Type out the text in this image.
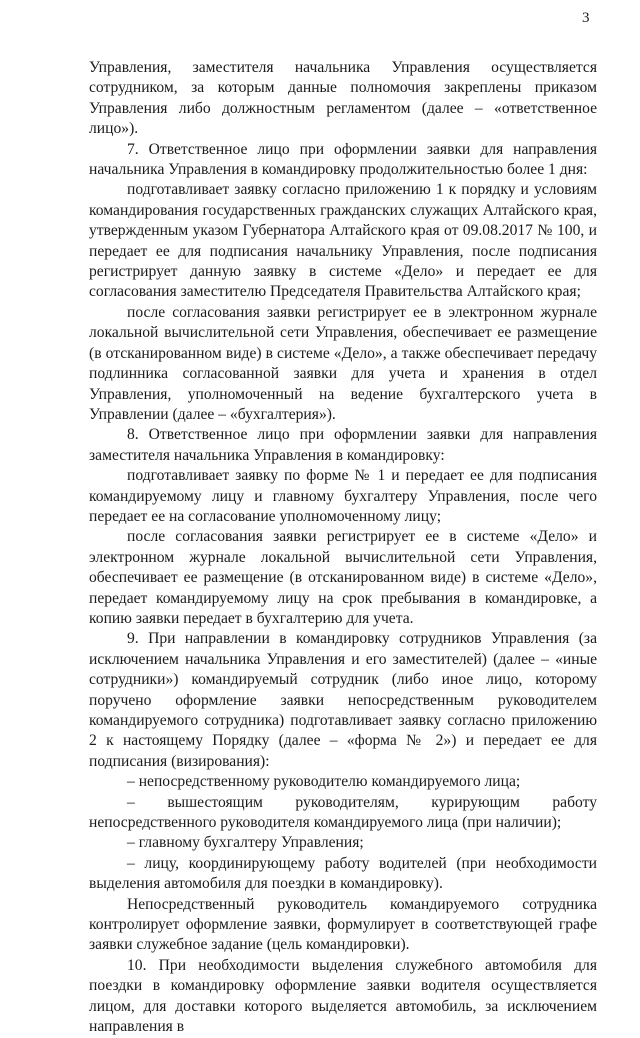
3

Управления, заместителя начальника Управления осуществляется сотрудником, за которым данные полномочия закреплены приказом Управления либо должностным регламентом (далее – «ответственное лицо»).

7. Ответственное лицо при оформлении заявки для направления начальника Управления в командировку продолжительностью более 1 дня:

подготавливает заявку согласно приложению 1 к порядку и условиям командирования государственных гражданских служащих Алтайского края, утвержденным указом Губернатора Алтайского края от 09.08.2017 № 100, и передает ее для подписания начальнику Управления, после подписания регистрирует данную заявку в системе «Дело» и передает ее для согласования заместителю Председателя Правительства Алтайского края;

после согласования заявки регистрирует ее в электронном журнале локальной вычислительной сети Управления, обеспечивает ее размещение (в отсканированном виде) в системе «Дело», а также обеспечивает передачу подлинника согласованной заявки для учета и хранения в отдел Управления, уполномоченный на ведение бухгалтерского учета в Управлении (далее – «бухгалтерия»).

8. Ответственное лицо при оформлении заявки для направления заместителя начальника Управления в командировку:

подготавливает заявку по форме № 1 и передает ее для подписания командируемому лицу и главному бухгалтеру Управления, после чего передает ее на согласование уполномоченному лицу;

после согласования заявки регистрирует ее в системе «Дело» и электронном журнале локальной вычислительной сети Управления, обеспечивает ее размещение (в отсканированном виде) в системе «Дело», передает командируемому лицу на срок пребывания в командировке, а копию заявки передает в бухгалтерию для учета.

9. При направлении в командировку сотрудников Управления (за исключением начальника Управления и его заместителей) (далее – «иные сотрудники») командируемый сотрудник (либо иное лицо, которому поручено оформление заявки непосредственным руководителем командируемого сотрудника) подготавливает заявку согласно приложению 2 к настоящему Порядку (далее – «форма № 2») и передает ее для подписания (визирования):

– непосредственному руководителю командируемого лица;

– вышестоящим руководителям, курирующим работу непосредственного руководителя командируемого лица (при наличии);

– главному бухгалтеру Управления;

– лицу, координирующему работу водителей (при необходимости выделения автомобиля для поездки в командировку).

Непосредственный руководитель командируемого сотрудника контролирует оформление заявки, формулирует в соответствующей графе заявки служебное задание (цель командировки).

10. При необходимости выделения служебного автомобиля для поездки в командировку оформление заявки водителя осуществляется лицом, для доставки которого выделяется автомобиль, за исключением направления в
